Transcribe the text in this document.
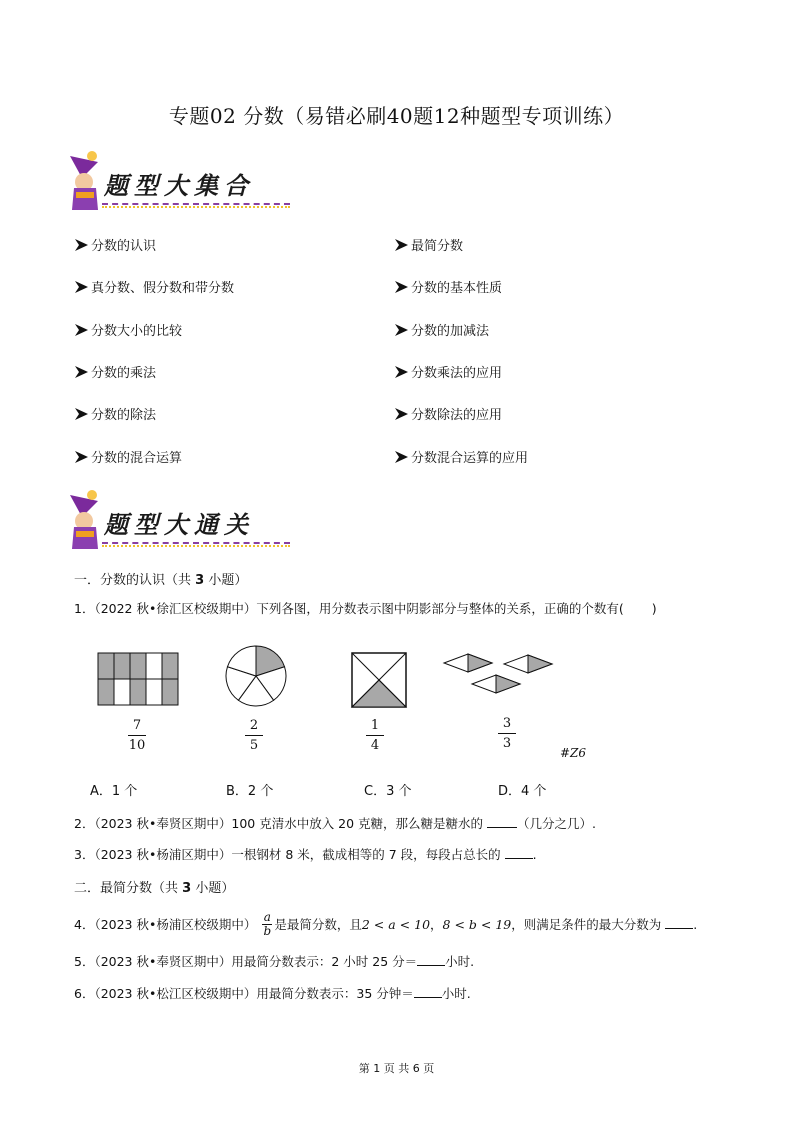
专题02 分数（易错必刷40题12种题型专项训练）
题型大集合
分数的认识
真分数、假分数和带分数
分数大小的比较
分数的乘法
分数的除法
分数的混合运算
最简分数
分数的基本性质
分数的加减法
分数乘法的应用
分数除法的应用
分数混合运算的应用
题型大通关
一．分数的认识（共 3 小题）
1．（2022 秋•徐汇区校级期中）下列各图，用分数表示图中阴影部分与整体的关系，正确的个数有( )
7
10
2
5
1
4
3
3
#Z6
A．1 个	B．2 个	C．3 个	D．4 个
2．（2023 秋•奉贤区期中）100 克清水中放入 20 克糖，那么糖是糖水的	（几分之几）.
3．（2023 秋•杨浦区期中）一根钢材 8 米，截成相等的 7 段，每段占总长的	.
二．最简分数（共 3 小题）
4．（2023 秋•杨浦区校级期中） $\frac{a}{b}$ 是最简分数，且2 < a < 10，8 < b < 19，则满足条件的最大分数为	.
5．（2023 秋•奉贤区期中）用最简分数表示：2 小时 25 分＝ 小时.
6．（2023 秋•松江区校级期中）用最简分数表示：35 分钟＝ 小时.
第 1 页 共 6 页
